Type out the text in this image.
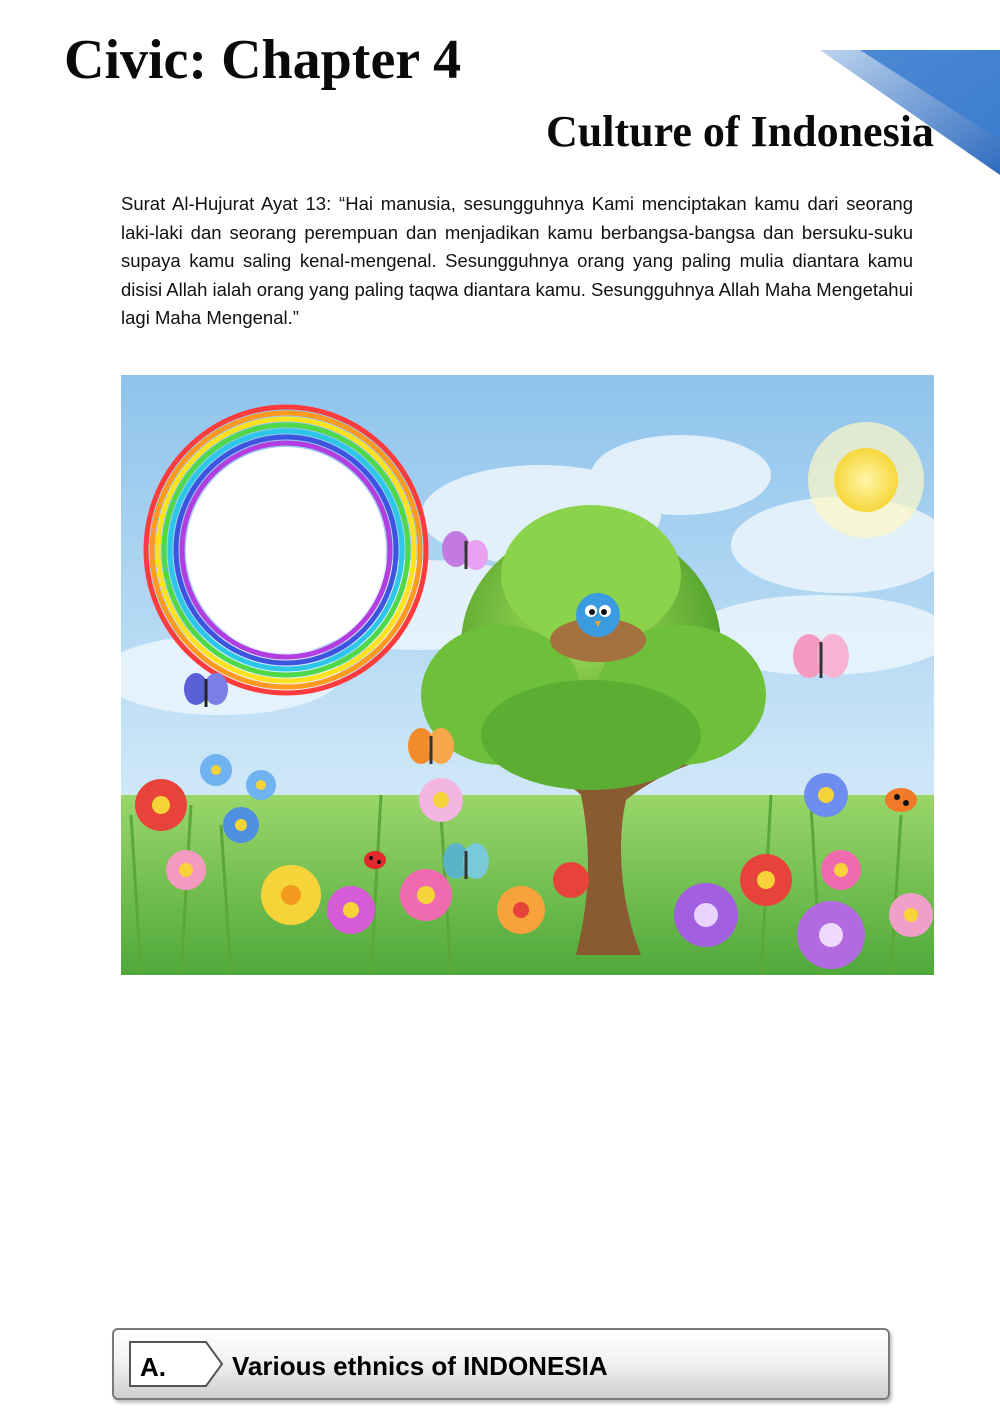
Civic: Chapter 4
Culture of Indonesia
Surat Al-Hujurat Ayat 13: “Hai manusia, sesungguhnya Kami menciptakan kamu dari seorang laki-laki dan seorang perempuan dan menjadikan kamu berbangsa-bangsa dan bersuku-suku supaya kamu saling kenal-mengenal. Sesungguhnya orang yang paling mulia diantara kamu disisi Allah ialah orang yang paling taqwa diantara kamu. Sesungguhnya Allah Maha Mengetahui lagi Maha Mengenal.”
A.	Various ethnics of INDONESIA
